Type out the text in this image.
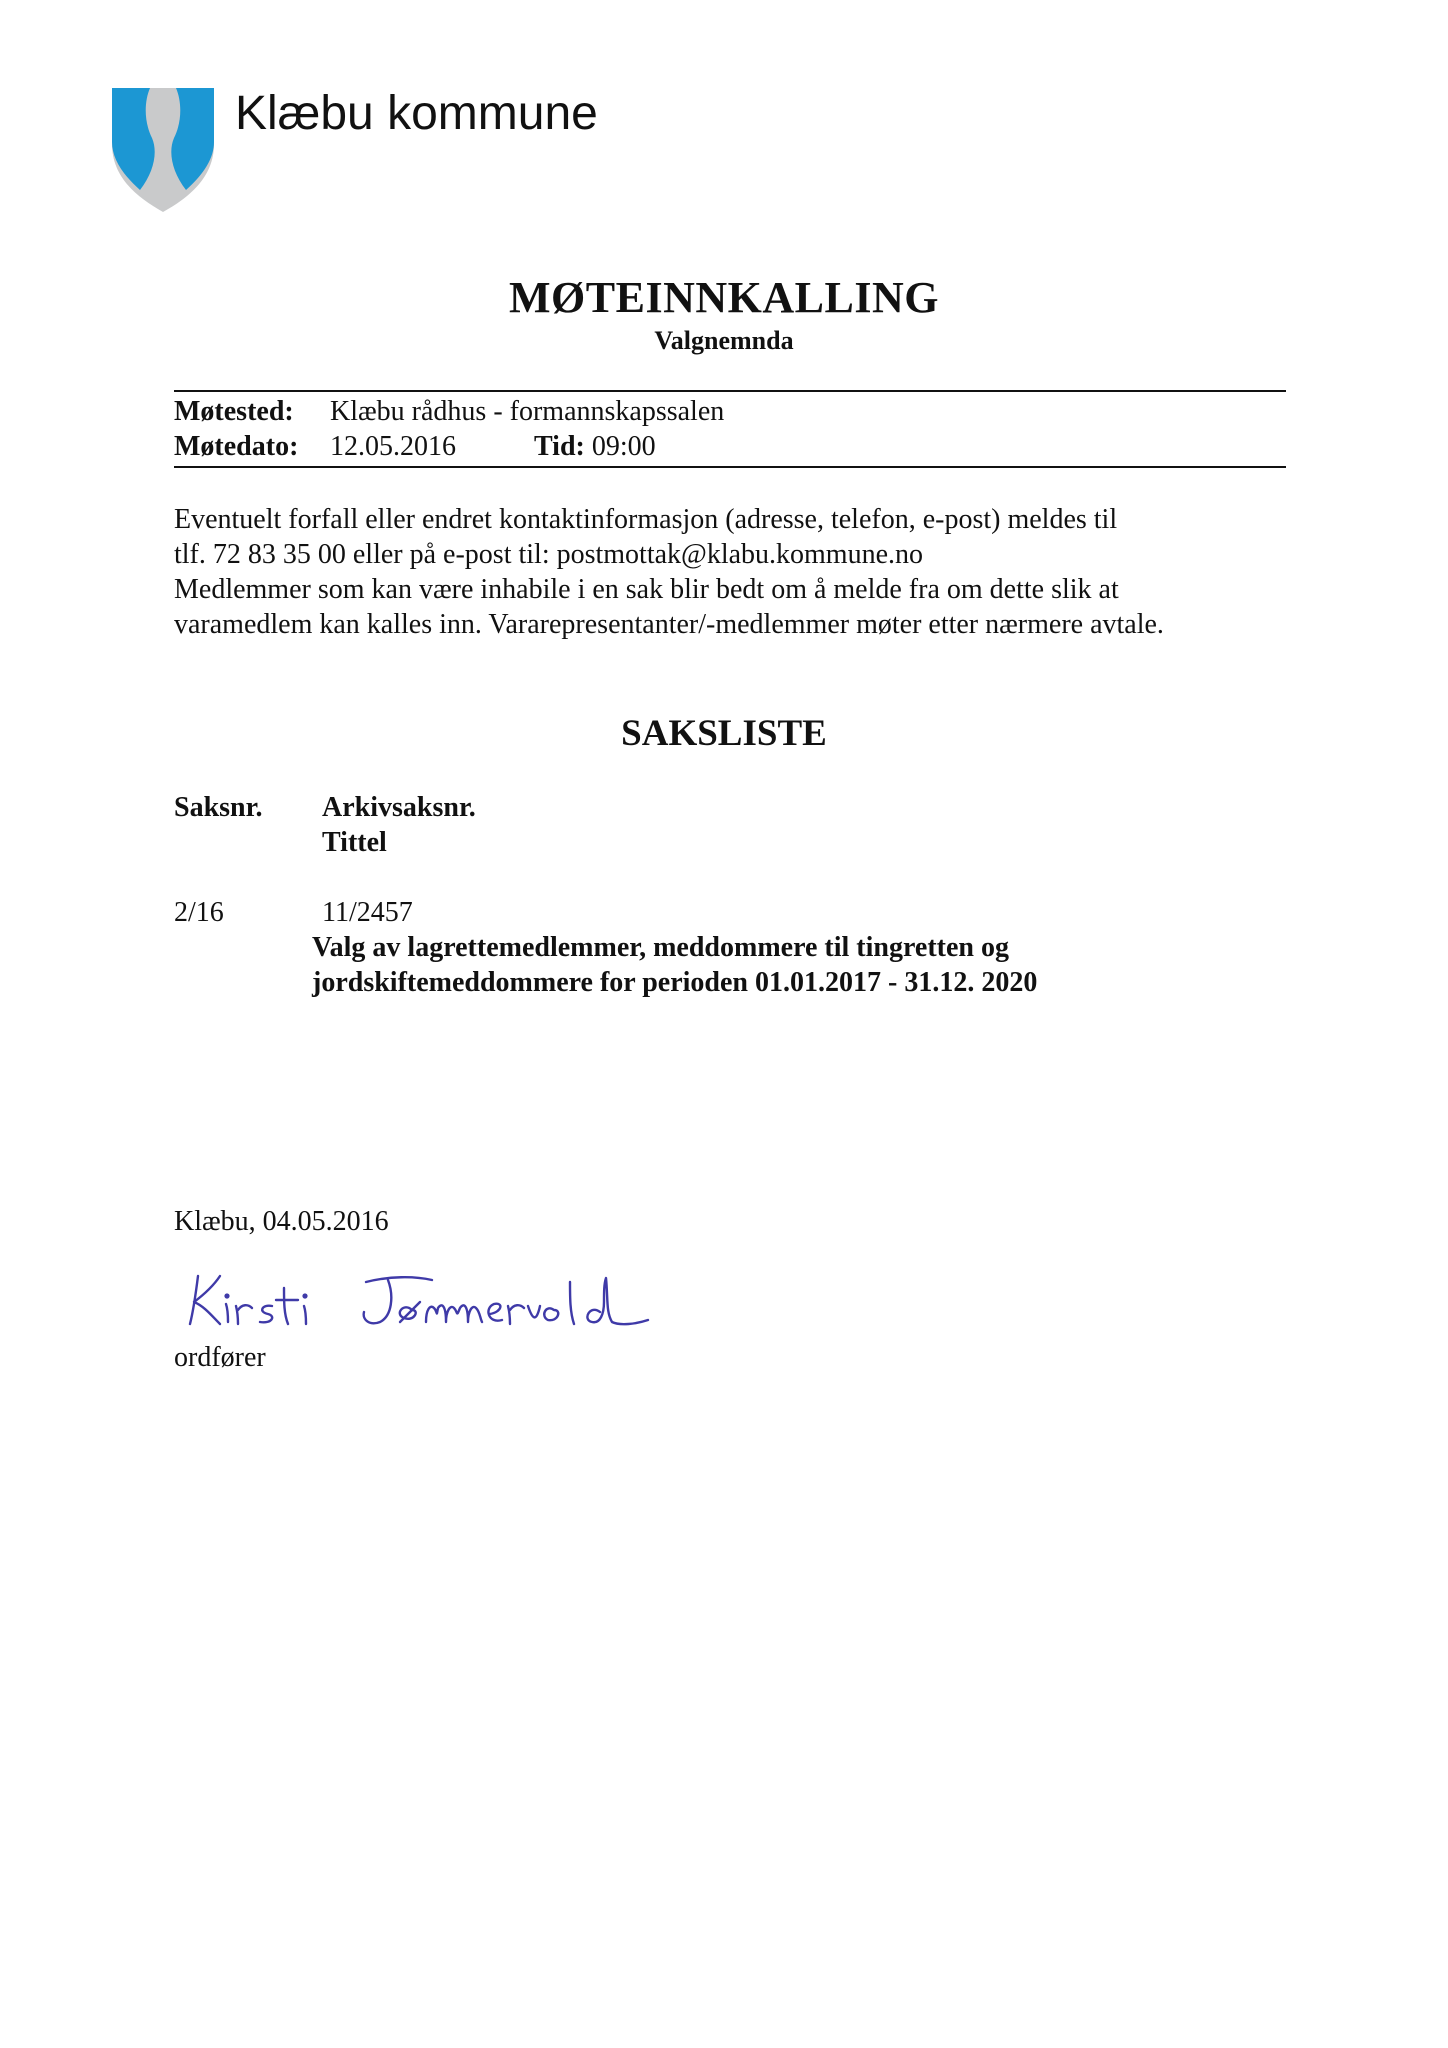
Klæbu kommune
MØTEINNKALLING
Valgnemnda
Møtested: Klæbu rådhus - formannskapssalen
Møtedato: 12.05.2016	Tid: 09:00

Eventuelt forfall eller endret kontaktinformasjon (adresse, telefon, e-post) meldes til

tlf. 72 83 35 00 eller på e-post til: postmottak@klabu.kommune.no

Medlemmer som kan være inhabile i en sak blir bedt om å melde fra om dette slik at

varamedlem kan kalles inn. Vararepresentanter/-medlemmer møter etter nærmere avtale.

SAKSLISTE
Saksnr. Arkivsaksnr.
Tittel
2/16	11/2457
Valg av lagrettemedlemmer, meddommere til tingretten og
jordskiftemeddommere for perioden 01.01.2017 - 31.12. 2020
Klæbu, 04.05.2016
ordfører
